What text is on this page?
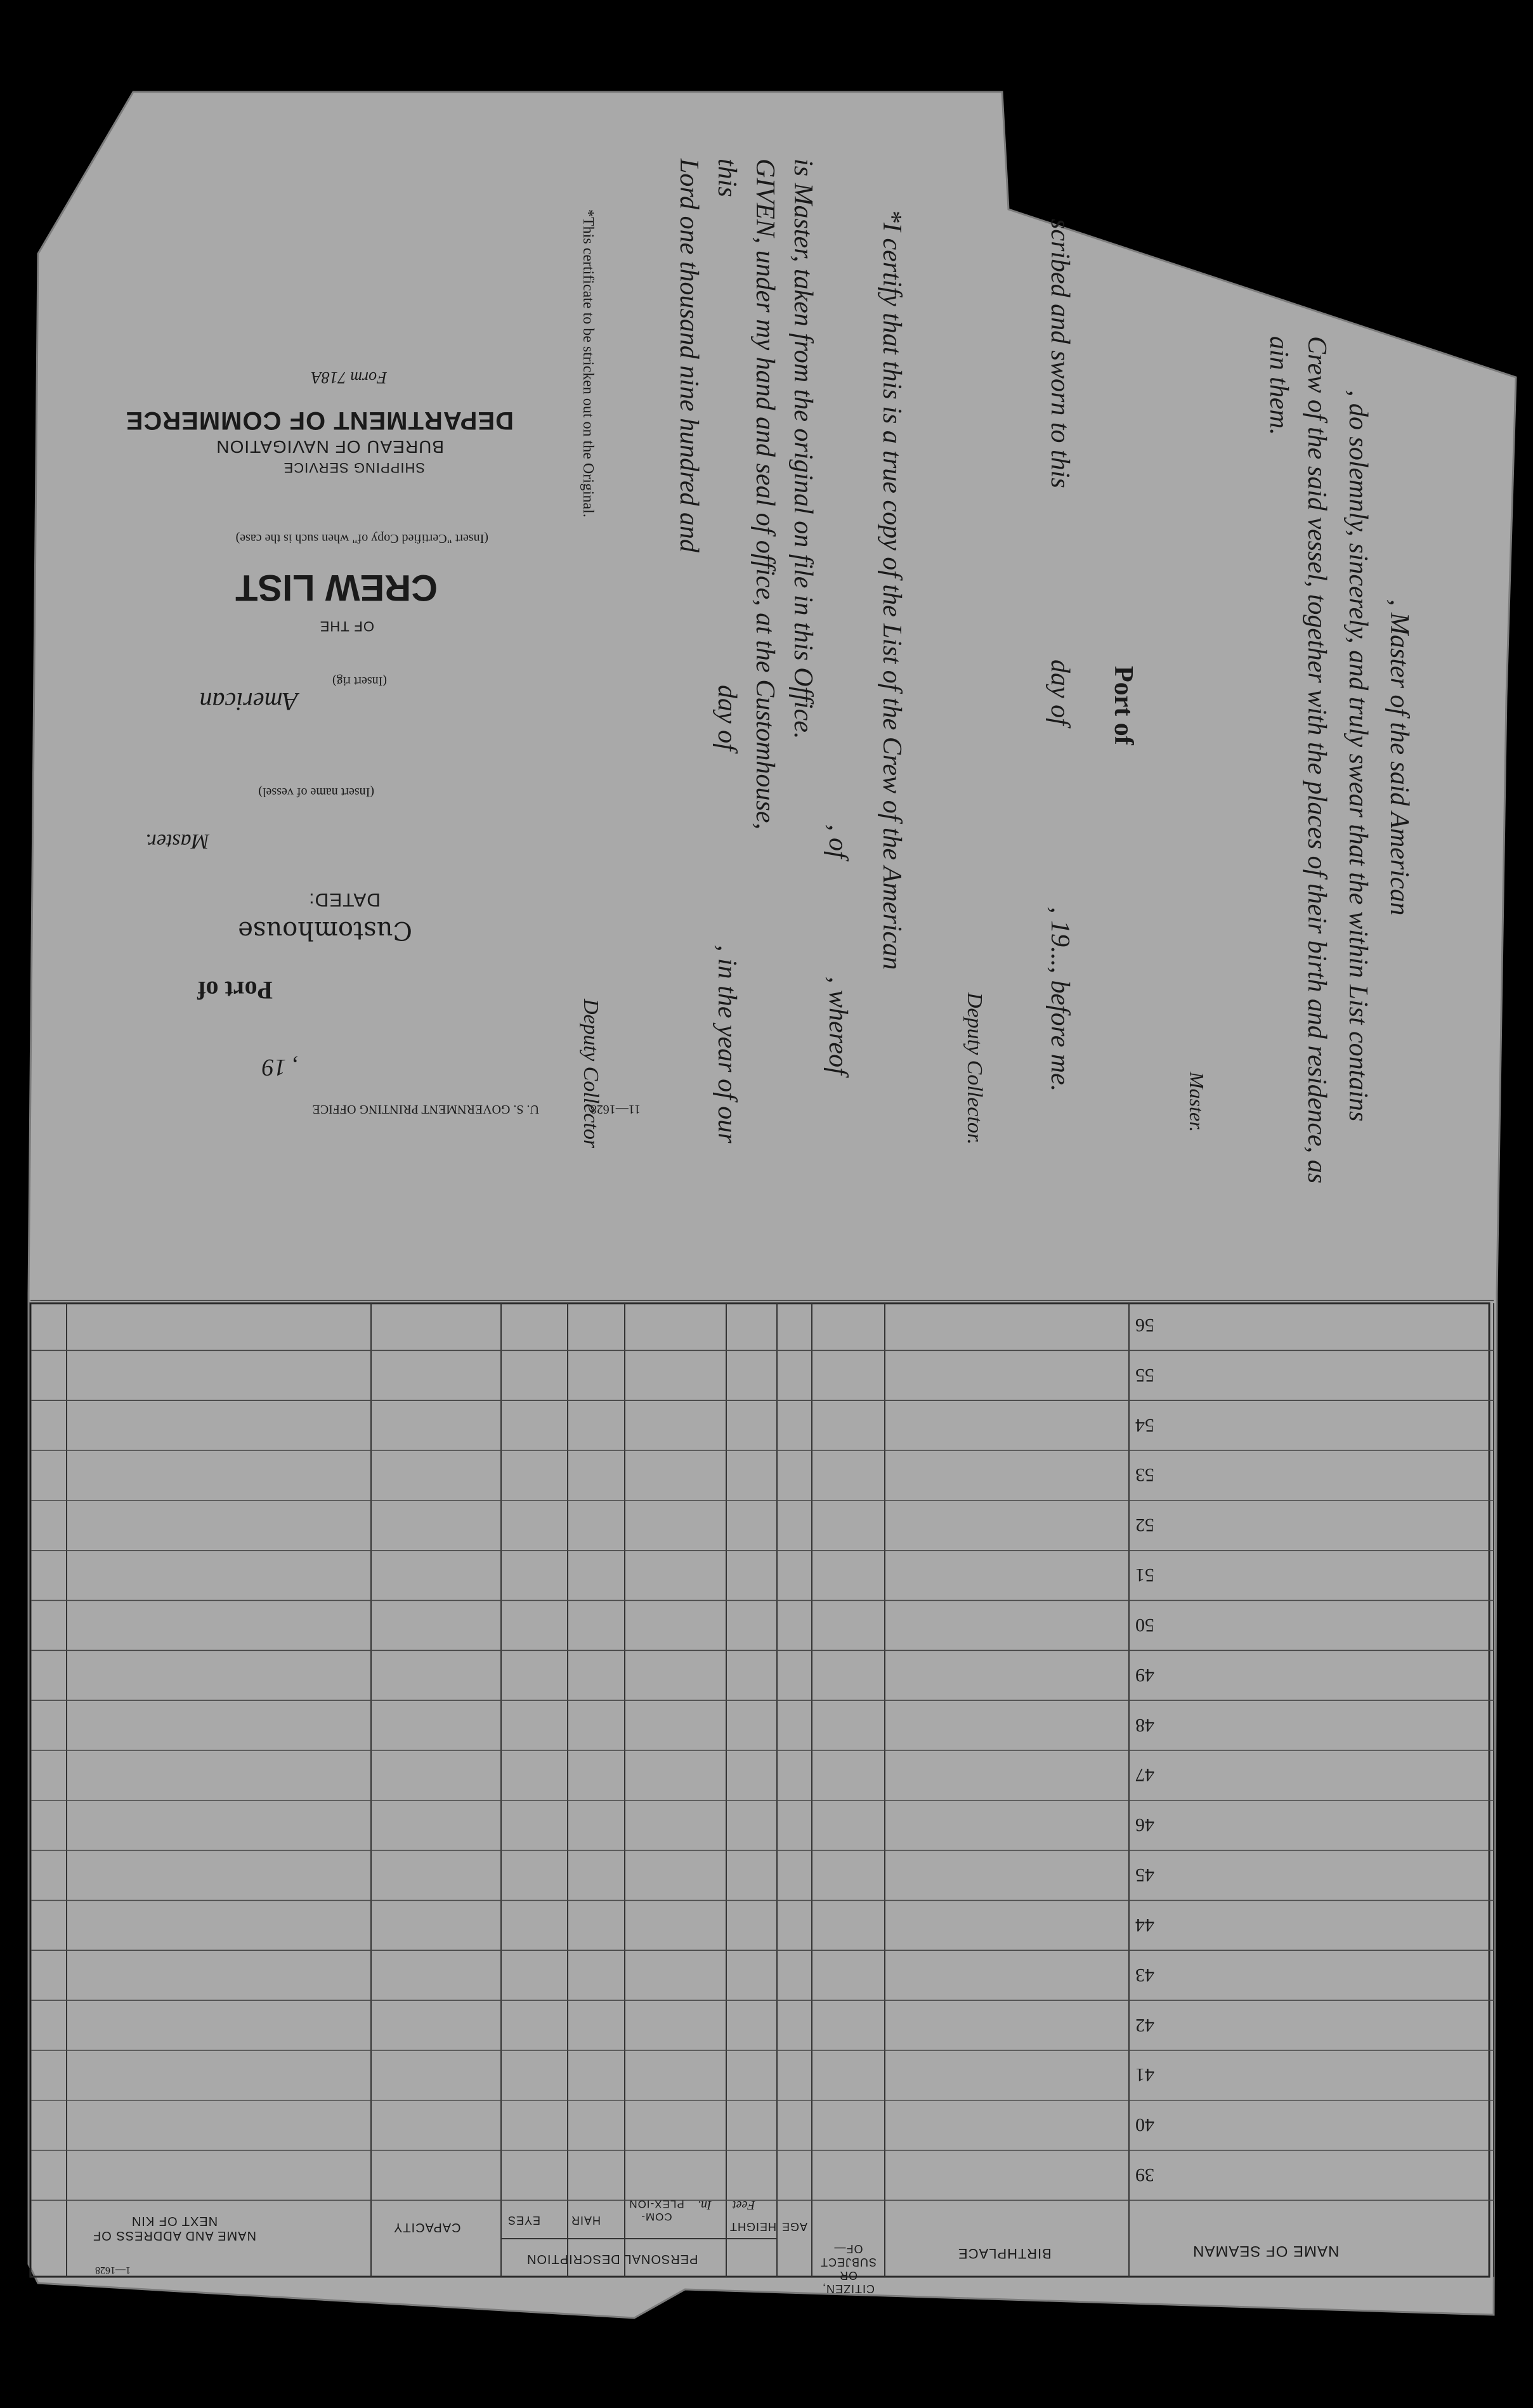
11—1628
U. S. GOVERNMENT PRINTING OFFICE
, 19
Port of
Customhouse
DATED:
Master.
(Insert name of vessel)
American
(Insert rig)
OF THE
CREW LIST
(Insert "Certified Copy of" when such is the case)
SHIPPING SERVICE
BUREAU OF NAVIGATION
DEPARTMENT OF COMMERCE
Form 718A	*This certificate to be stricken out on the Original.	*I certify that this is a true copy of the List of the Crew of the American
, of
, whereof
is Master, taken from the original on file in this Office.
GIVEN, under my hand and seal of office, at the Customhouse,
this
day of
, in the year of our
Lord one thousand nine hundred and
Deputy Collector
, Master of the said American
, do solemnly, sincerely, and truly swear that the within List contains
Crew of the said vessel, together with the places of their birth and residence, as
ain them.
Master.
Port of
scribed and sworn to this
day of
, 19..., before me.
Deputy Collector.
NAME OF SEAMAN
BIRTHPLACE
CITIZEN, OR SUBJECT OF—
AGE
PERSONAL DESCRIPTION
HEIGHT
Feet
In.
COM-PLEX-ION
HAIR
EYES
CAPACITY
NAME AND ADDRESS OF NEXT OF KIN
1—1628
39
40
41
42
43
44
45
46
47
48
49
50
51
52
53
54
55
56
